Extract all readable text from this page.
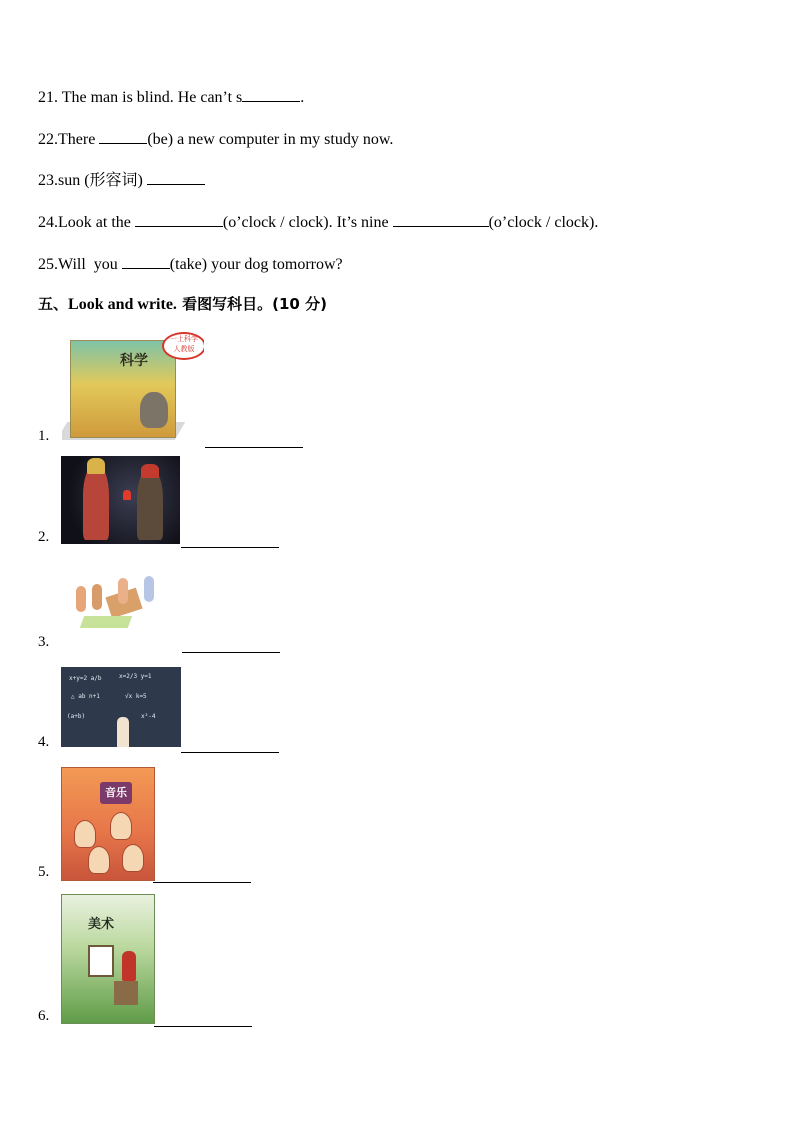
21. The man is blind. He can’t s	.
22.There	(be) a new computer in my study now.
23.sun (形容词)
24.Look at the	(o’clock / clock). It’s nine	(o’clock / clock).
25.Will  you	(take) your dog tomorrow?
五、Look and write. 看图写科目。(10 分)
1.
科学
一上科学
人教版
2.
3.
4.
x+y=2 a/b	x=2/3 y=1
△ ab n+1	√x k=5
(a+b)	x²-4
5.
音乐
6.
美术
